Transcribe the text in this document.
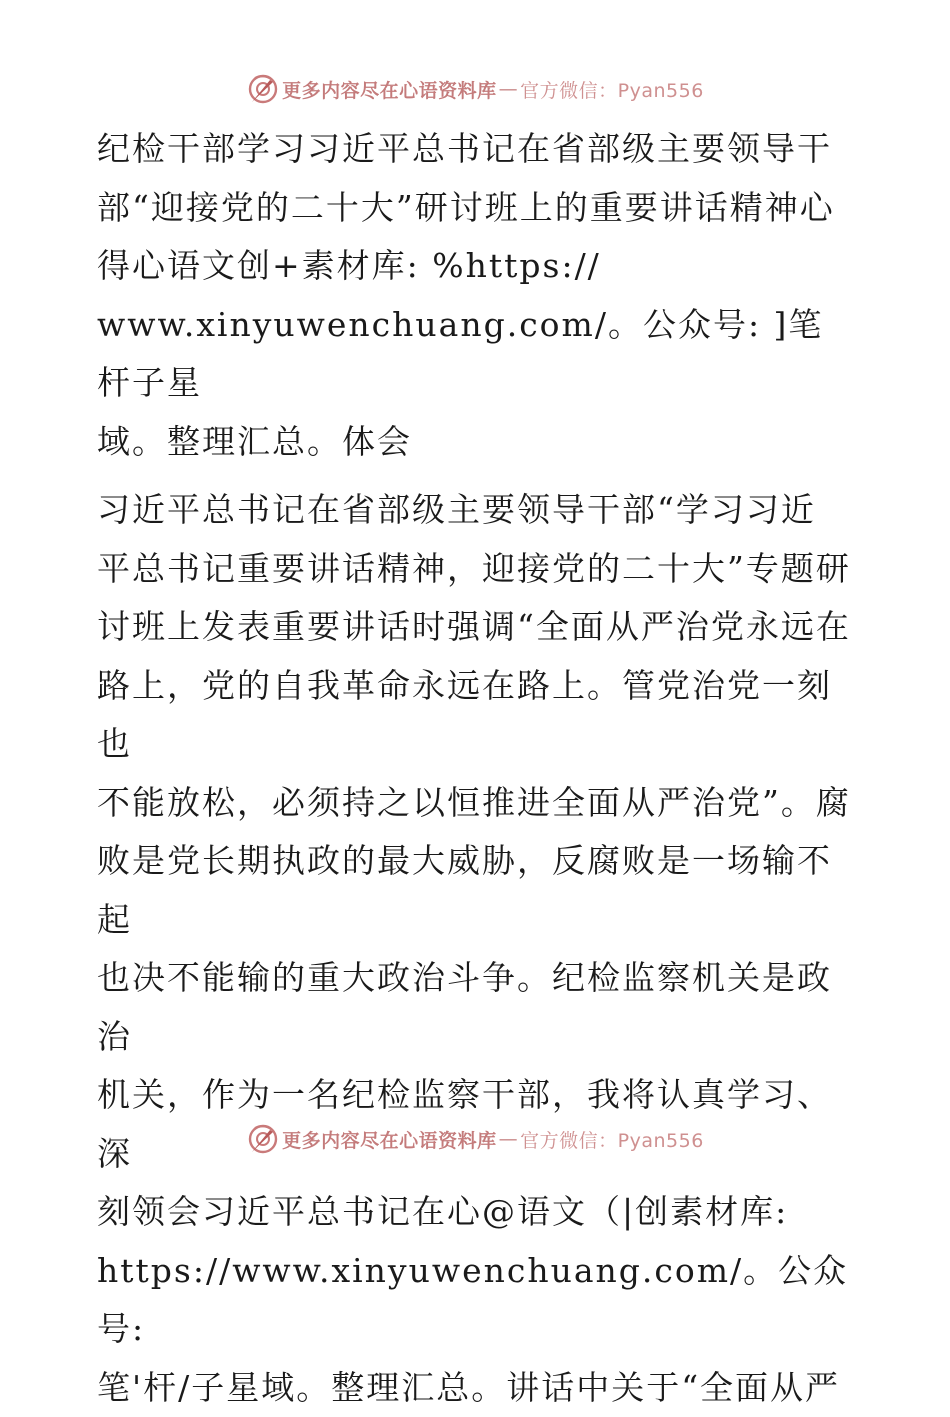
更多内容尽在心语资料库 — 官方微信：Pyan556
纪检干部学习习近平总书记在省部级主要领导干
部“迎接党的二十大”研讨班上的重要讲话精神心
得心语文创+素材库: %https://
www.xinyuwenchuang.com/。公众号: ]笔杆子星
域。整理汇总。体会
习近平总书记在省部级主要领导干部“学习习近
平总书记重要讲话精神，迎接党的二十大”专题研
讨班上发表重要讲话时强调“全面从严治党永远在
路上，党的自我革命永远在路上。管党治党一刻也
不能放松，必须持之以恒推进全面从严治党”。腐
败是党长期执政的最大威胁，反腐败是一场输不起
也决不能输的重大政治斗争。纪检监察机关是政治
机关，作为一名纪检监察干部，我将认真学习、深
刻领会习近平总书记在心@语文（|创素材库:
https://www.xinyuwenchuang.com/。公众号:
笔'杆/子星域。整理汇总。讲话中关于“全面从严
更多内容尽在心语资料库 — 官方微信：Pyan556
